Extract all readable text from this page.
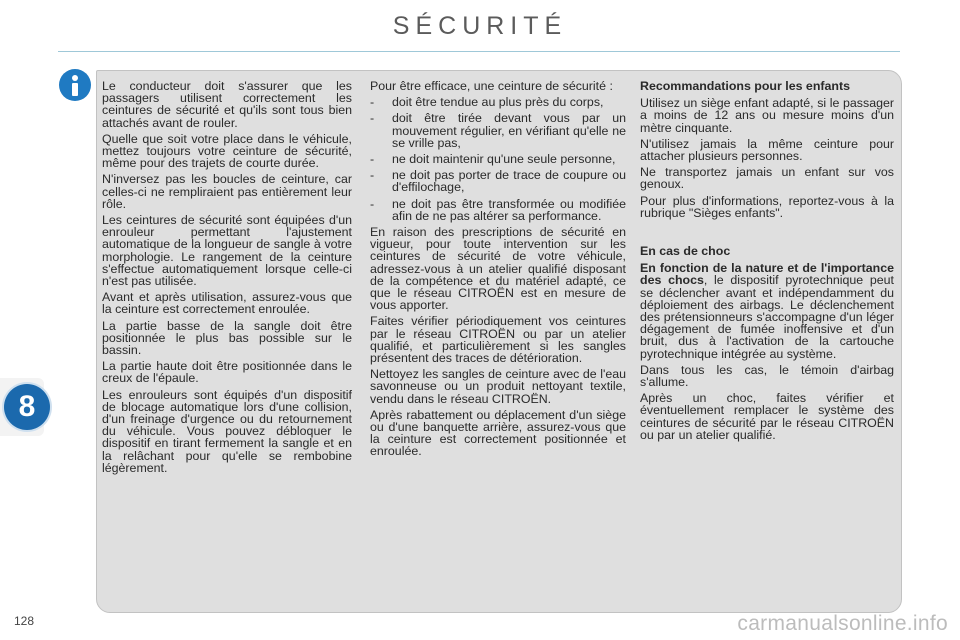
SÉCURITÉ

Le conducteur doit s'assurer que les passagers utilisent correctement les ceintures de sécurité et qu'ils sont tous bien attachés avant de rouler.

Quelle que soit votre place dans le véhicule, mettez toujours votre ceinture de sécurité, même pour des trajets de courte durée.

N'inversez pas les boucles de ceinture, car celles-ci ne rempliraient pas entièrement leur rôle.

Les ceintures de sécurité sont équipées d'un enrouleur permettant l'ajustement automatique de la longueur de sangle à votre morphologie. Le rangement de la ceinture s'effectue automatiquement lorsque celle-ci n'est pas utilisée.

Avant et après utilisation, assurez-vous que la ceinture est correctement enroulée.

La partie basse de la sangle doit être positionnée le plus bas possible sur le bassin.

La partie haute doit être positionnée dans le creux de l'épaule.

Les enrouleurs sont équipés d'un dispositif de blocage automatique lors d'une collision, d'un freinage d'urgence ou du retournement du véhicule. Vous pouvez débloquer le dispositif en tirant fermement la sangle et en la relâchant pour qu'elle se rembobine légèrement.

Pour être efficace, une ceinture de sécurité :

- doit être tendue au plus près du corps,
- doit être tirée devant vous par un mouvement régulier, en vérifiant qu'elle ne se vrille pas,
- ne doit maintenir qu'une seule personne,
- ne doit pas porter de trace de coupure ou d'effilochage,
- ne doit pas être transformée ou modifiée afin de ne pas altérer sa performance.

En raison des prescriptions de sécurité en vigueur, pour toute intervention sur les ceintures de sécurité de votre véhicule, adressez-vous à un atelier qualifié disposant de la compétence et du matériel adapté, ce que le réseau CITROËN est en mesure de vous apporter.

Faites vérifier périodiquement vos ceintures par le réseau CITROËN ou par un atelier qualifié, et particulièrement si les sangles présentent des traces de détérioration.

Nettoyez les sangles de ceinture avec de l'eau savonneuse ou un produit nettoyant textile, vendu dans le réseau CITROËN.

Après rabattement ou déplacement d'un siège ou d'une banquette arrière, assurez-vous que la ceinture est correctement positionnée et enroulée.

Recommandations pour les enfants

Utilisez un siège enfant adapté, si le passager a moins de 12 ans ou mesure moins d'un mètre cinquante.

N'utilisez jamais la même ceinture pour attacher plusieurs personnes.

Ne transportez jamais un enfant sur vos genoux.

Pour plus d'informations, reportez-vous à la rubrique "Sièges enfants".

En cas de choc

En fonction de la nature et de l'importance des chocs, le dispositif pyrotechnique peut se déclencher avant et indépendamment du déploiement des airbags. Le déclenchement des prétensionneurs s'accompagne d'un léger dégagement de fumée inoffensive et d'un bruit, dus à l'activation de la cartouche pyrotechnique intégrée au système.

Dans tous les cas, le témoin d'airbag s'allume.

Après un choc, faites vérifier et éventuellement remplacer le système des ceintures de sécurité par le réseau CITROËN ou par un atelier qualifié.

8
128	carmanualsonline.info
